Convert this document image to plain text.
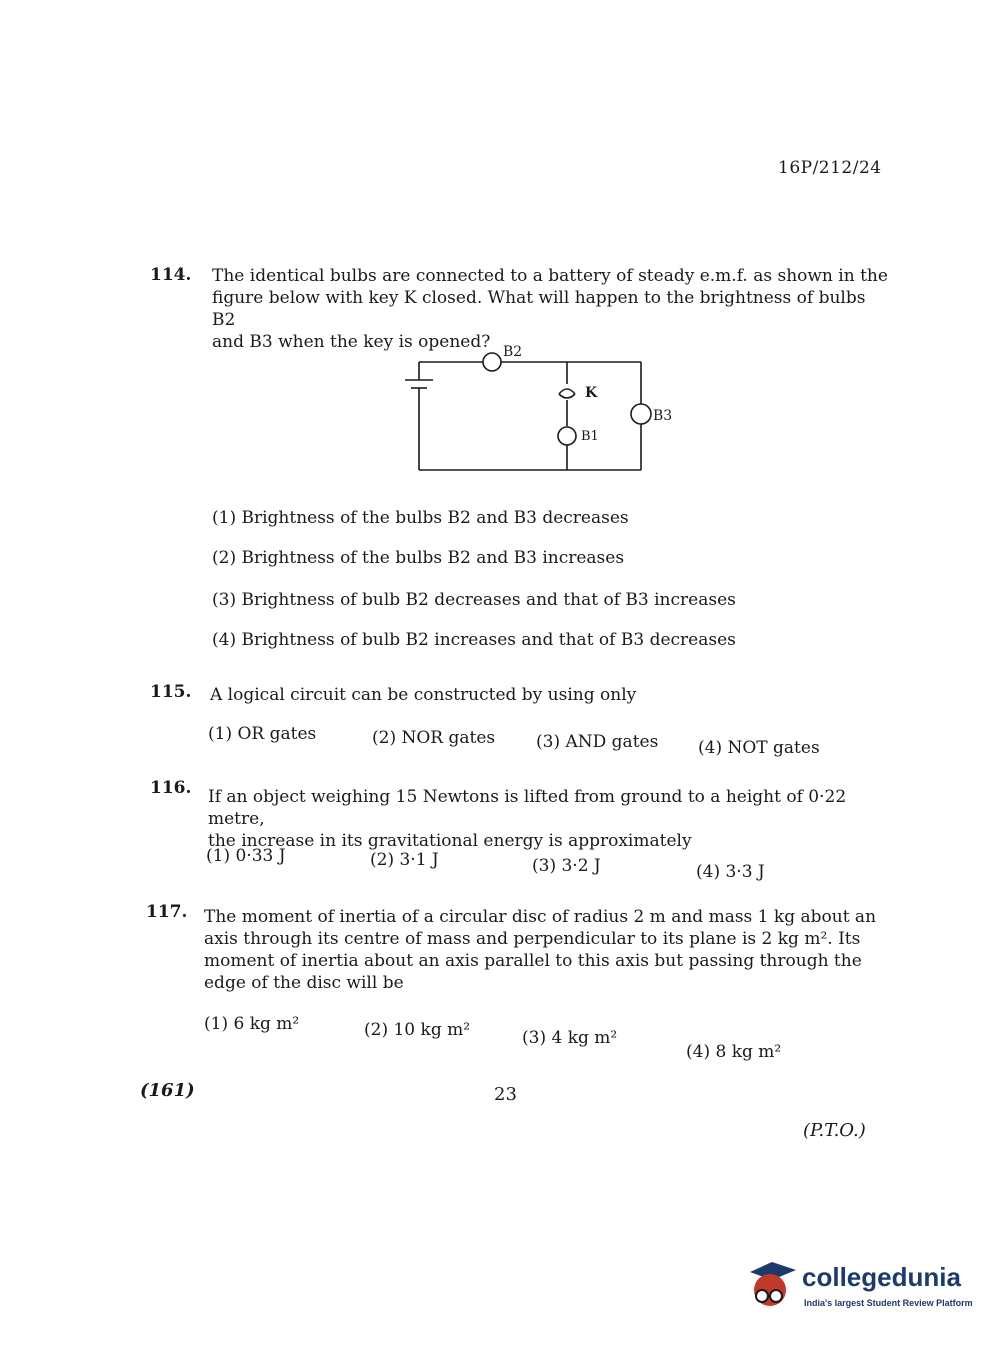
16P/212/24
114. The identical bulbs are connected to a battery of steady e.m.f. as shown in the
figure below with key K closed. What will happen to the brightness of bulbs B2
and B3 when the key is opened? B2
K
B3
B1
(1) Brightness of the bulbs B2 and B3 decreases
(2) Brightness of the bulbs B2 and B3 increases
(3) Brightness of bulb B2 decreases and that of B3 increases
(4) Brightness of bulb B2 increases and that of B3 decreases
115. A logical circuit can be constructed by using only
(1) OR gates	(2) NOR gates (3) AND gates (4) NOT gates
116. If an object weighing 15 Newtons is lifted from ground to a height of 0·22 metre,
the increase in its gravitational energy is approximately
(1) 0·33 J	(2) 3·1 J	(3) 3·2 J	(4) 3·3 J
117. The moment of inertia of a circular disc of radius 2 m and mass 1 kg about an
axis through its centre of mass and perpendicular to its plane is 2 kg m². Its
moment of inertia about an axis parallel to this axis but passing through the
edge of the disc will be
(1) 6 kg m²	(2) 10 kg m²	(3) 4 kg m²
(4) 8 kg m²
(161)	23
(P.T.O.)
collegedunia
India's largest Student Review Platform
